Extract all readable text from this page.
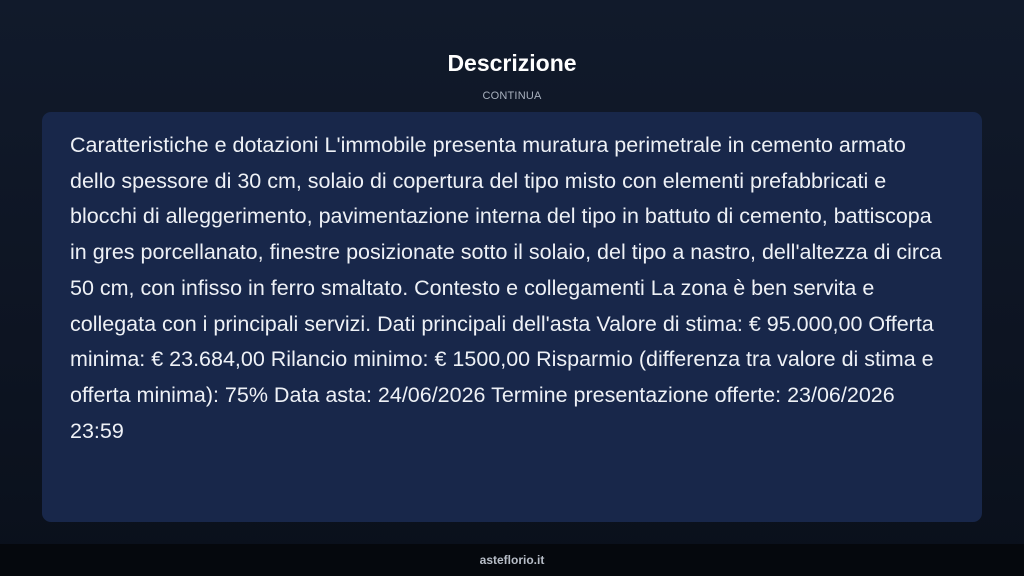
Descrizione
CONTINUA

Caratteristiche e dotazioni L'immobile presenta muratura perimetrale in cemento armato dello spessore di 30 cm, solaio di copertura del tipo misto con elementi prefabbricati e blocchi di alleggerimento, pavimentazione interna del tipo in battuto di cemento, battiscopa in gres porcellanato, finestre posizionate sotto il solaio, del tipo a nastro, dell'altezza di circa 50 cm, con infisso in ferro smaltato. Contesto e collegamenti La zona è ben servita e collegata con i principali servizi. Dati principali dell'asta Valore di stima: € 95.000,00 Offerta minima: € 23.684,00 Rilancio minimo: € 1500,00 Risparmio (differenza tra valore di stima e offerta minima): 75% Data asta: 24/06/2026 Termine presentazione offerte: 23/06/2026 23:59

asteflorio.it
